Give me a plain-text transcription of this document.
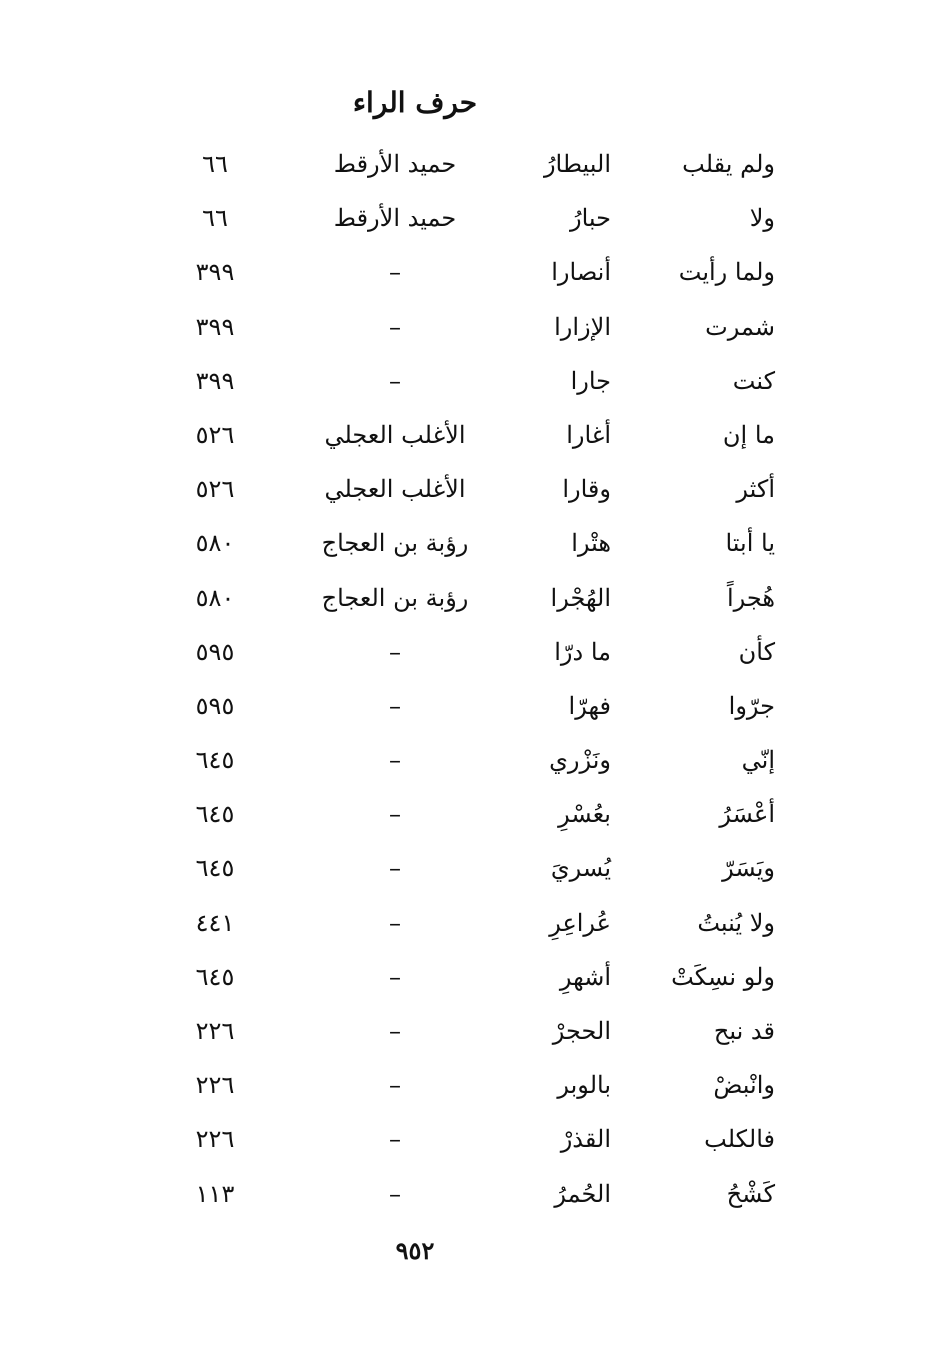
حرف الراء
ولم يقلب
البيطارُ
حميد الأرقط
٦٦
ولا
حبارُ
حميد الأرقط
٦٦
ولما رأيت
أنصارا
–
٣٩٩
شمرت
الإزارا
–
٣٩٩
كنت
جارا
–
٣٩٩
ما إن
أغارا
الأغلب العجلي
٥٢٦
أكثر
وقارا
الأغلب العجلي
٥٢٦
يا أبتا
هتْرا
رؤبة بن العجاج
٥٨٠
هُجراً
الهُجْرا
رؤبة بن العجاج
٥٨٠
كأن
ما درّا
–
٥٩٥
جرّوا
فهرّا
–
٥٩٥
إنّي
ونَزْري
–
٦٤٥
أعْسَرُ
بعُسْرِ
–
٦٤٥
ويَسَرّ
يُسريَ
–
٦٤٥
ولا يُنبتُ
عُراعِرِ
–
٤٤١
ولو نسِكَتْ
أشهرِ
–
٦٤٥
قد نبح
الحجرْ
–
٢٢٦
وانْبضْ
بالوبر
–
٢٢٦
فالكلب
القذرْ
–
٢٢٦
كَشْحُ
الحُمرُ
–
١١٣
٩٥٢
